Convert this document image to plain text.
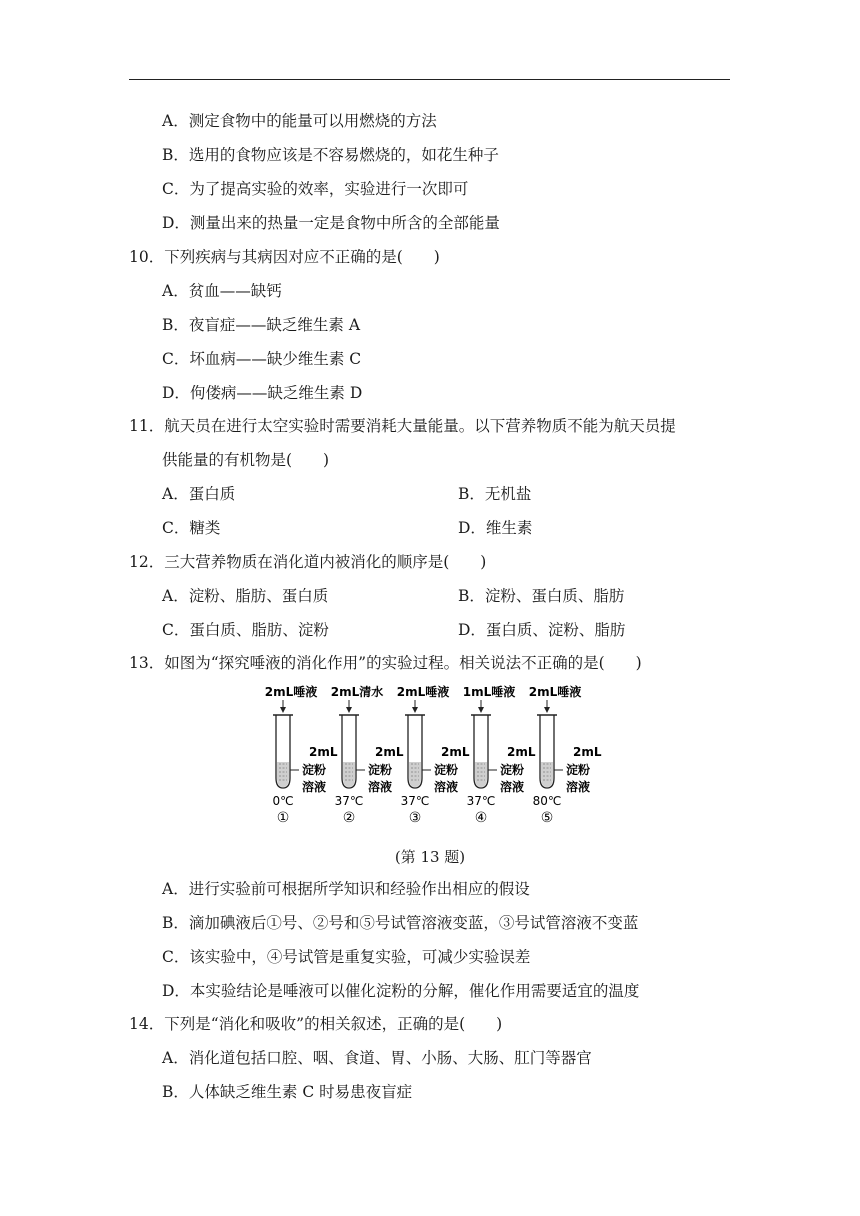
A．测定食物中的能量可以用燃烧的方法
B．选用的食物应该是不容易燃烧的，如花生种子
C．为了提高实验的效率，实验进行一次即可
D．测量出来的热量一定是食物中所含的全部能量
10．下列疾病与其病因对应不正确的是(　　)
A．贫血——缺钙
B．夜盲症——缺乏维生素 A
C．坏血病——缺少维生素 C
D．佝偻病——缺乏维生素 D
11．航天员在进行太空实验时需要消耗大量能量。以下营养物质不能为航天员提
供能量的有机物是(　　)
A．蛋白质	B．无机盐
C．糖类	D．维生素
12．三大营养物质在消化道内被消化的顺序是(　　)
A．淀粉、脂肪、蛋白质	B．淀粉、蛋白质、脂肪
C．蛋白质、脂肪、淀粉	D．蛋白质、淀粉、脂肪
13．如图为“探究唾液的消化作用”的实验过程。相关说法不正确的是(　　)
2mL唾液
2mL
淀粉
溶液
0℃
①
2mL清水
2mL
淀粉
溶液
37℃
②
2mL唾液
2mL
淀粉
溶液
37℃
③
1mL唾液
2mL
淀粉
溶液
37℃
④
2mL唾液
2mL
淀粉
溶液
80℃
⑤
(第 13 题)
A．进行实验前可根据所学知识和经验作出相应的假设
B．滴加碘液后①号、②号和⑤号试管溶液变蓝，③号试管溶液不变蓝
C．该实验中，④号试管是重复实验，可减少实验误差
D．本实验结论是唾液可以催化淀粉的分解，催化作用需要适宜的温度
14．下列是“消化和吸收”的相关叙述，正确的是(　　)
A．消化道包括口腔、咽、食道、胃、小肠、大肠、肛门等器官
B．人体缺乏维生素 C 时易患夜盲症
